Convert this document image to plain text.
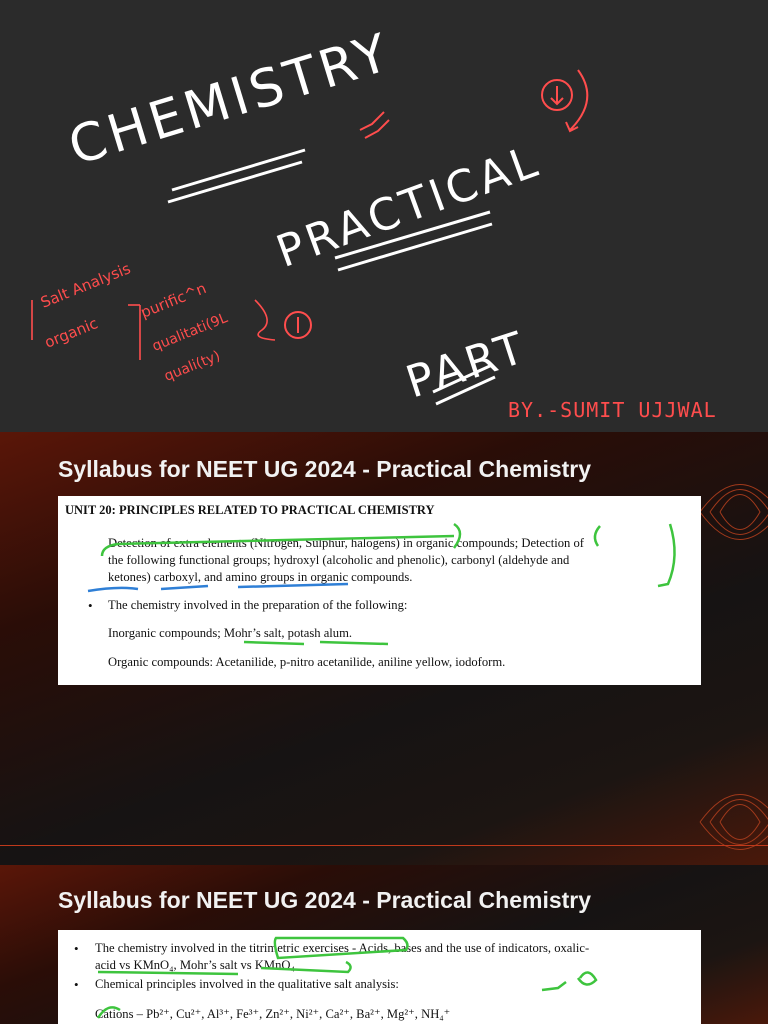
CHEMISTRY
PRACTICAL
PART
Salt Analysis
organic
purific^n
qualitati(9L
quali(ty)
BY.-SUMIT UJJWAL
Syllabus for NEET UG 2024 - Practical Chemistry
UNIT 20: PRINCIPLES RELATED TO PRACTICAL CHEMISTRY
Detection of extra elements (Nitrogen, Sulphur, halogens) in organic compounds; Detection of
the following functional groups; hydroxyl (alcoholic and phenolic), carbonyl (aldehyde and
ketones) carboxyl, and amino groups in organic compounds.
• The chemistry involved in the preparation of the following:
Inorganic compounds; Mohr’s salt, potash alum.
Organic compounds: Acetanilide, p-nitro acetanilide, aniline yellow, iodoform.
Syllabus for NEET UG 2024 - Practical Chemistry
• The chemistry involved in the titrimetric exercises - Acids, bases and the use of indicators, oxalic-
acid vs KMnO₄, Mohr’s salt vs KMnO₄
• Chemical principles involved in the qualitative salt analysis:
Cations – Pb²⁺, Cu²⁺, Al³⁺, Fe³⁺, Zn²⁺, Ni²⁺, Ca²⁺, Ba²⁺, Mg²⁺, NH₄⁺
